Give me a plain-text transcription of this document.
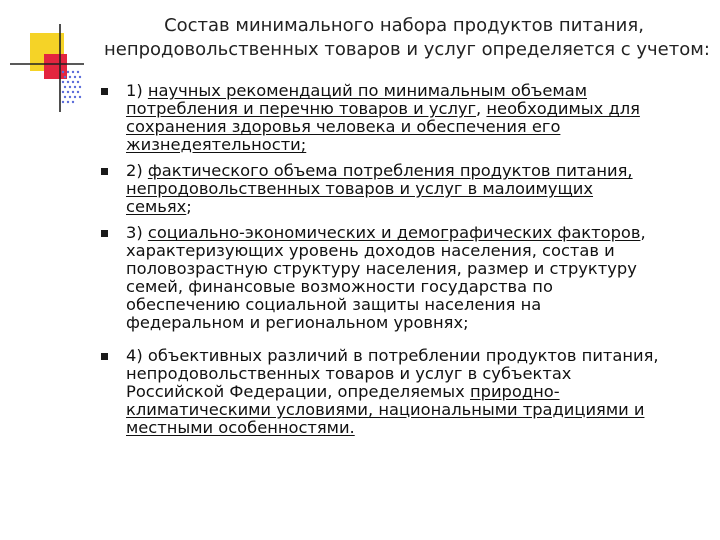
Состав минимального набора продуктов питания,
непродовольственных товаров и услуг определяется с учетом:
1) научных рекомендаций по минимальным объемам
потребления и перечню товаров и услуг, необходимых для
сохранения здоровья человека и обеспечения его
жизнедеятельности;
2) фактического объема потребления продуктов питания,
непродовольственных товаров и услуг в малоимущих
семьях;
3) социально-экономических и демографических факторов,
характеризующих уровень доходов населения, состав и
половозрастную структуру населения, размер и структуру
семей, финансовые возможности государства по
обеспечению социальной защиты населения на
федеральном и региональном уровнях;
4) объективных различий в потреблении продуктов питания,
непродовольственных товаров и услуг в субъектах
Российской Федерации, определяемых природно-
климатическими условиями, национальными традициями и
местными особенностями.
